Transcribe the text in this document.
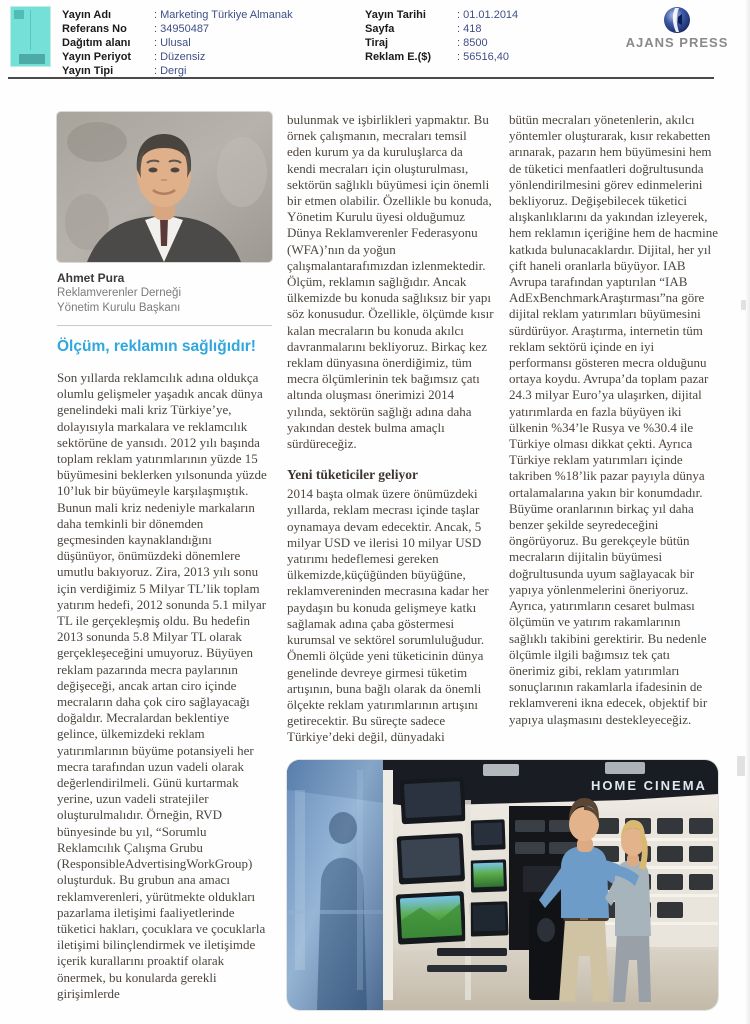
Yayın Adı	: Marketing Türkiye Almanak
Referans No	: 34950487
Dağıtım alanı	: Ulusal
Yayın Periyot	: Düzensiz
Yayın Tipi	: Dergi
Yayın Tarihi	: 01.01.2014
Sayfa	: 418
Tiraj	: 8500
Reklam E.($)	: 56516,40
AJANS PRESS
Ahmet Pura
Reklamverenler Derneği
Yönetim Kurulu Başkanı
Ölçüm, reklamın sağlığıdır!

Son yıllarda reklamcılık adına oldukça olumlu gelişmeler yaşadık ancak dünya genelindeki mali kriz Türkiye’ye, dolayısıyla markalara ve reklamcılık sektörüne de yansıdı. 2012 yılı başında toplam reklam yatırımlarının yüzde 15 büyümesini beklerken yılsonunda yüzde 10’luk bir büyümeyle karşılaşmıştık. Bunun mali kriz nedeniyle markaların daha temkinli bir dönemden geçmesinden kaynaklandığını düşünüyor, önümüzdeki dönemlere umutlu bakıyoruz. Zira, 2013 yılı sonu için verdiğimiz 5 Milyar TL’lik toplam yatırım hedefi, 2012 sonunda 5.1 milyar TL ile gerçekleşmiş oldu. Bu hedefin 2013 sonunda 5.8 Milyar TL olarak gerçekleşeceğini umuyoruz. Büyüyen reklam pazarında mecra paylarının değişeceği, ancak artan ciro içinde mecraların daha çok ciro sağlayacağı doğaldır. Mecralardan beklentiye gelince, ülkemizdeki reklam yatırımlarının büyüme potansiyeli her mecra tarafından uzun vadeli olarak değerlendirilmeli. Günü kurtarmak yerine, uzun vadeli stratejiler oluşturulmalıdır. Örneğin, RVD bünyesinde bu yıl, “Sorumlu Reklamcılık Çalışma Grubu (ResponsibleAdvertisingWorkGroup) oluşturduk. Bu grubun ana amacı reklamverenleri, yürütmekte oldukları pazarlama iletişimi faaliyetlerinde tüketici hakları, çocuklara ve çocuklarla iletişimi bilinçlendirmek ve iletişimde içerik kurallarını proaktif olarak önermek, bu konularda gerekli girişimlerde

bulunmak ve işbirlikleri yapmaktır. Bu örnek çalışmanın, mecraları temsil eden kurum ya da kuruluşlarca da kendi mecraları için oluşturulması, sektörün sağlıklı büyümesi için önemli bir etmen olabilir. Özellikle bu konuda, Yönetim Kurulu üyesi olduğumuz Dünya Reklamverenler Federasyonu (WFA)’nın da yoğun çalışmalantarafımızdan izlenmektedir. Ölçüm, reklamın sağlığıdır. Ancak ülkemizde bu konuda sağlıksız bir yapı söz konusudur. Özellikle, ölçümde kısır kalan mecraların bu konuda akılcı davranmalarını bekliyoruz. Birkaç kez reklam dünyasına önerdiğimiz, tüm mecra ölçümlerinin tek bağımsız çatı altında oluşması önerimizi 2014 yılında, sektörün sağlığı adına daha yakından destek bulma amaçlı sürdüreceğiz.

Yeni tüketiciler geliyor

2014 başta olmak üzere önümüzdeki yıllarda, reklam mecrası içinde taşlar oynamaya devam edecektir. Ancak, 5 milyar USD ve ilerisi 10 milyar USD yatırımı hedeflemesi gereken ülkemizde,küçüğünden büyüğüne, reklamvereninden mecrasına kadar her paydaşın bu konuda gelişmeye katkı sağlamak adına çaba göstermesi kurumsal ve sektörel sorumluluğudur. Önemli ölçüde yeni tüketicinin dünya genelinde devreye girmesi tüketim artışının, buna bağlı olarak da önemli ölçekte reklam yatırımlarının artışını getirecektir. Bu süreçte sadece Türkiye’deki değil, dünyadaki

bütün mecraları yönetenlerin, akılcı yöntemler oluşturarak, kısır rekabetten arınarak, pazarın hem büyümesini hem de tüketici menfaatleri doğrultusunda yönlendirilmesini görev edinmelerini bekliyoruz. Değişebilecek tüketici alışkanlıklarını da yakından izleyerek, hem reklamın içeriğine hem de hacmine katkıda bulunacaklardır. Dijital, her yıl çift haneli oranlarla büyüyor. IAB Avrupa tarafından yaptırılan “IAB AdExBenchmarkAraştırması”na göre dijital reklam yatırımları büyümesini sürdürüyor. Araştırma, internetin tüm reklam sektörü içinde en iyi performansı gösteren mecra olduğunu ortaya koydu. Avrupa’da toplam pazar 24.3 milyar Euro’ya ulaşırken, dijital yatırımlarda en fazla büyüyen iki ülkenin %34’le Rusya ve %30.4 ile Türkiye olması dikkat çekti. Ayrıca Türkiye reklam yatırımları içinde takriben %18’lik pazar payıyla dünya ortalamalarına yakın bir konumdadır. Büyüme oranlarının birkaç yıl daha benzer şekilde seyredeceğini öngörüyoruz. Bu gerekçeyle bütün mecraların dijitalin büyümesi doğrultusunda uyum sağlayacak bir yapıya yönlenmelerini öneriyoruz. Ayrıca, yatırımların cesaret bulması ölçümün ve yatırım rakamlarının sağlıklı takibini gerektirir. Bu nedenle ölçümle ilgili bağımsız tek çatı önerimiz gibi, reklam yatırımları sonuçlarının rakamlarla ifadesinin de reklamvereni ikna edecek, objektif bir yapıya ulaşmasını destekleyeceğiz.

HOME CINEMA
